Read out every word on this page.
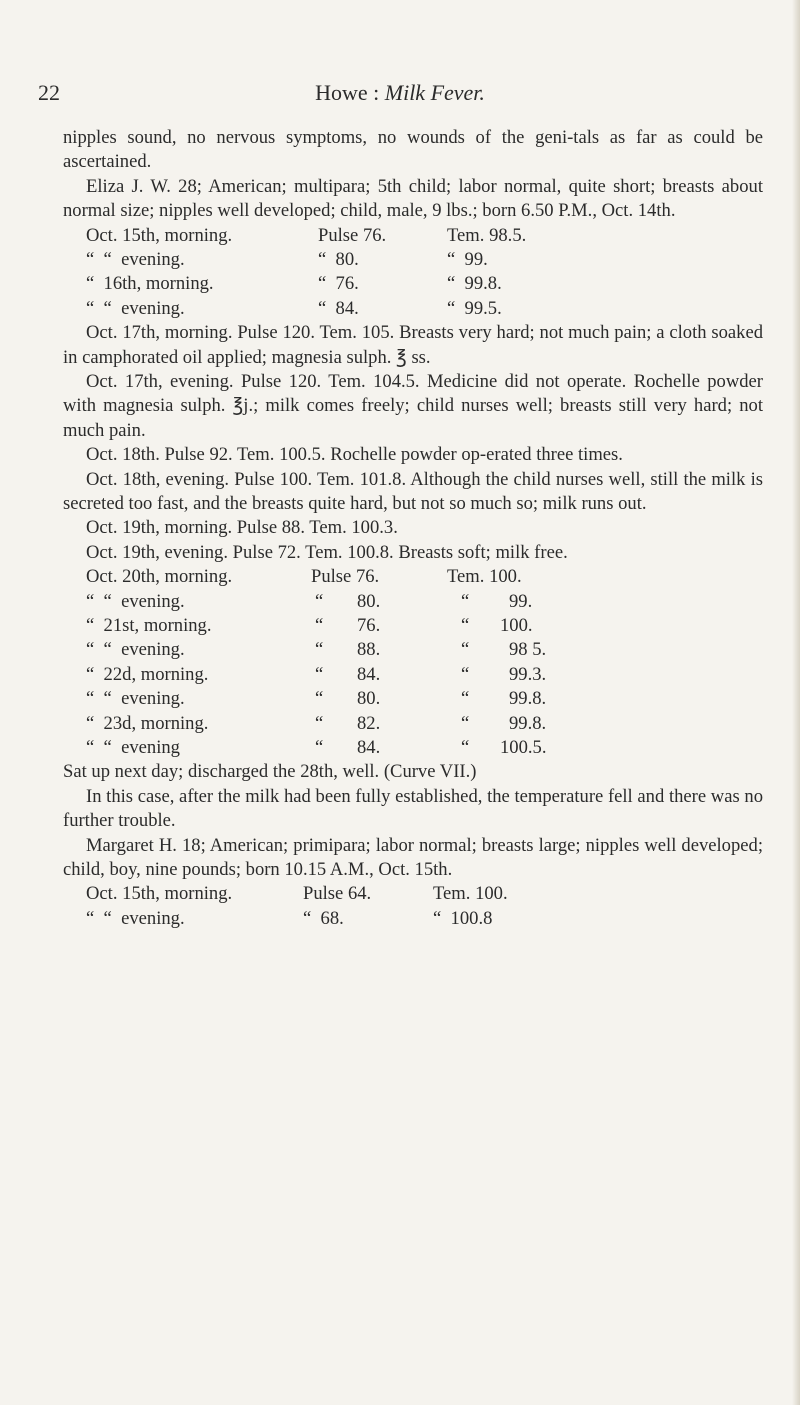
22	Howe : Milk Fever.

nipples sound, no nervous symptoms, no wounds of the geni-tals as far as could be ascertained.

Eliza J. W. 28; American; multipara; 5th child; labor normal, quite short; breasts about normal size; nipples well developed; child, male, 9 lbs.; born 6.50 P.M., Oct. 14th.

Oct. 15th, morning.	Pulse 76.	Tem. 98.5.
“  “  evening.	“  80.	“  99.
“  16th, morning.	“  76.	“  99.8.
“  “  evening.	“  84.	“  99.5.

Oct. 17th, morning. Pulse 120. Tem. 105. Breasts very hard; not much pain; a cloth soaked in camphorated oil applied; magnesia sulph. ℥ ss.

Oct. 17th, evening. Pulse 120. Tem. 104.5. Medicine did not operate. Rochelle powder with magnesia sulph. ℥j.; milk comes freely; child nurses well; breasts still very hard; not much pain.

Oct. 18th. Pulse 92. Tem. 100.5. Rochelle powder op-erated three times.

Oct. 18th, evening. Pulse 100. Tem. 101.8. Although the child nurses well, still the milk is secreted too fast, and the breasts quite hard, but not so much so; milk runs out.

Oct. 19th, morning. Pulse 88. Tem. 100.3.

Oct. 19th, evening. Pulse 72. Tem. 100.8. Breasts soft; milk free.

Oct. 20th, morning.	Pulse 76.	Tem. 100.
“  “  evening.	“ 80.	“ 99.
“  21st, morning.	“ 76.	“ 100.
“  “  evening.	“ 88.	“ 98 5.
“  22d, morning.	“ 84.	“ 99.3.
“  “  evening.	“ 80.	“ 99.8.
“  23d, morning.	“ 82.	“ 99.8.
“  “  evening	“ 84.	“ 100.5.

Sat up next day; discharged the 28th, well. (Curve VII.)

In this case, after the milk had been fully established, the temperature fell and there was no further trouble.

Margaret H. 18; American; primipara; labor normal; breasts large; nipples well developed; child, boy, nine pounds; born 10.15 A.M., Oct. 15th.

Oct. 15th, morning.	Pulse 64.	Tem. 100.
“  “  evening.	“  68.	“  100.8
